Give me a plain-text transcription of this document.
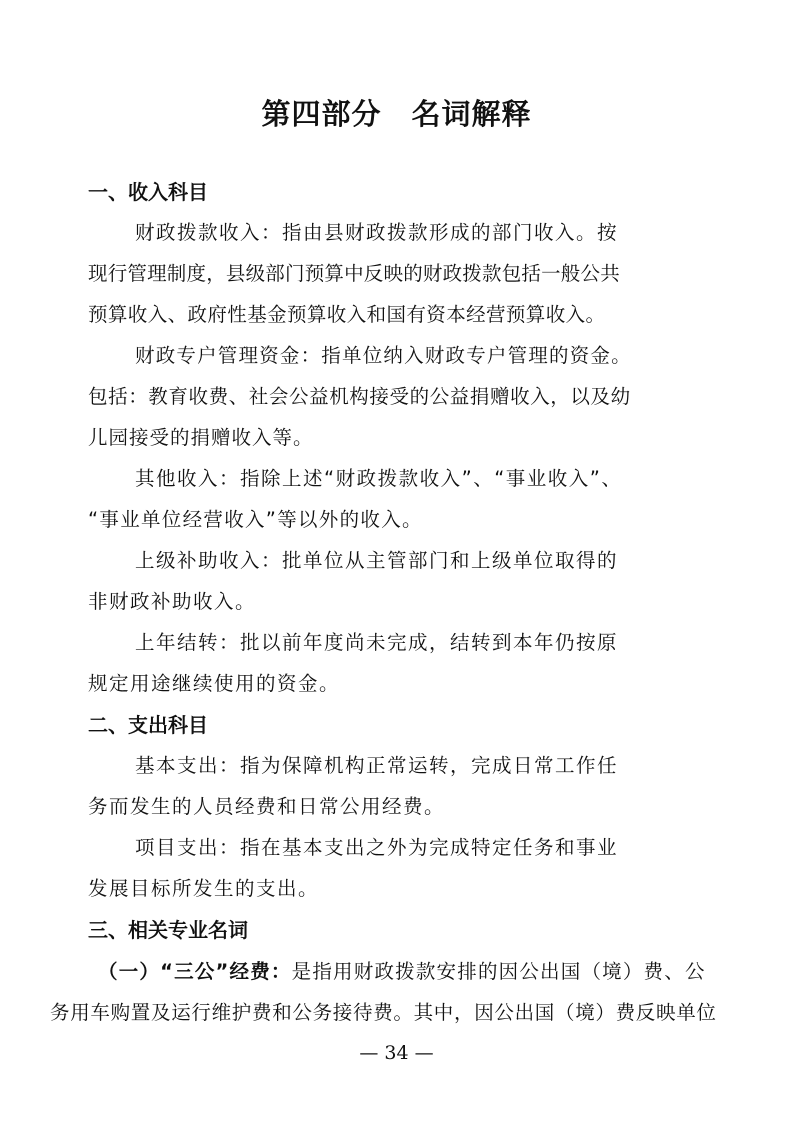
第四部分　名词解释
一、收入科目
财政拨款收入：指由县财政拨款形成的部门收入。按
现行管理制度，县级部门预算中反映的财政拨款包括一般公共
预算收入、政府性基金预算收入和国有资本经营预算收入。
财政专户管理资金：指单位纳入财政专户管理的资金。
包括：教育收费、社会公益机构接受的公益捐赠收入，以及幼
儿园接受的捐赠收入等。
其他收入：指除上述“财政拨款收入”、“事业收入”、
“事业单位经营收入”等以外的收入。
上级补助收入：批单位从主管部门和上级单位取得的
非财政补助收入。
上年结转：批以前年度尚未完成，结转到本年仍按原
规定用途继续使用的资金。
二、支出科目
基本支出：指为保障机构正常运转，完成日常工作任
务而发生的人员经费和日常公用经费。
项目支出：指在基本支出之外为完成特定任务和事业
发展目标所发生的支出。
三、相关专业名词
（一）“三公”经费：是指用财政拨款安排的因公出国（境）费、公
务用车购置及运行维护费和公务接待费。其中，因公出国（境）费反映单位
— 34 —
